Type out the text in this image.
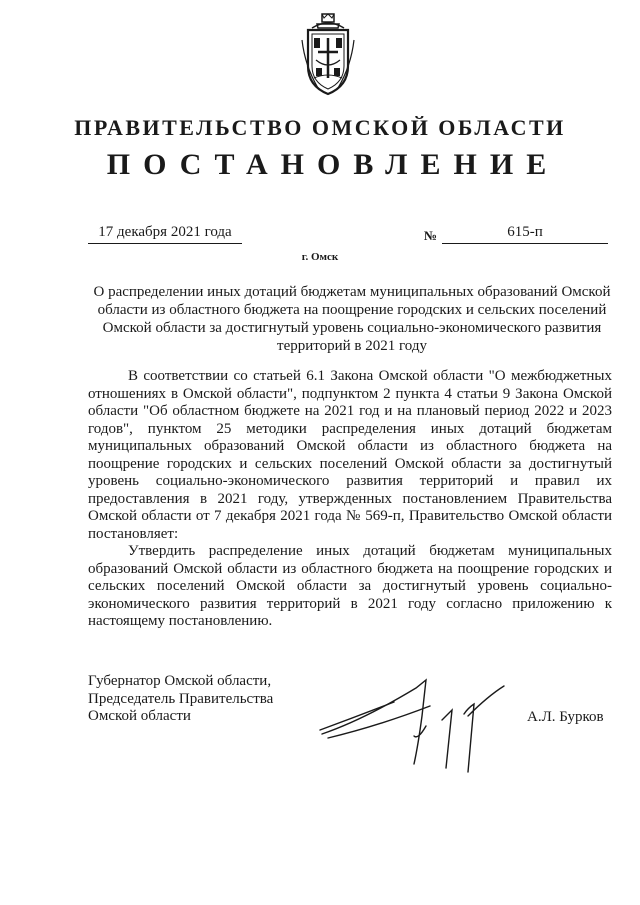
ПРАВИТЕЛЬСТВО ОМСКОЙ ОБЛАСТИ
ПОСТАНОВЛЕНИЕ
17 декабря 2021 года	№	615-п
г. Омск
О распределении иных дотаций бюджетам муниципальных образований Омской области из областного бюджета на поощрение городских и сельских поселений Омской области за достигнутый уровень социально-экономического развития территорий в 2021 году

В соответствии со статьей 6.1 Закона Омской области "О межбюджетных отношениях в Омской области", подпунктом 2 пункта 4 статьи 9 Закона Омской области "Об областном бюджете на 2021 год и на плановый период 2022 и 2023 годов", пунктом 25 методики распределения иных дотаций бюджетам муниципальных образований Омской области из областного бюджета на поощрение городских и сельских поселений Омской области за достигнутый уровень социально-экономического развития территорий и правил их предоставления в 2021 году, утвержденных постановлением Правительства Омской области от 7 декабря 2021 года № 569-п, Правительство Омской области постановляет:

Утвердить распределение иных дотаций бюджетам муниципальных образований Омской области из областного бюджета на поощрение городских и сельских поселений Омской области за достигнутый уровень социально-экономического развития территорий в 2021 году согласно приложению к настоящему постановлению.

Губернатор Омской области,
Председатель Правительства
Омской области	А.Л. Бурков
